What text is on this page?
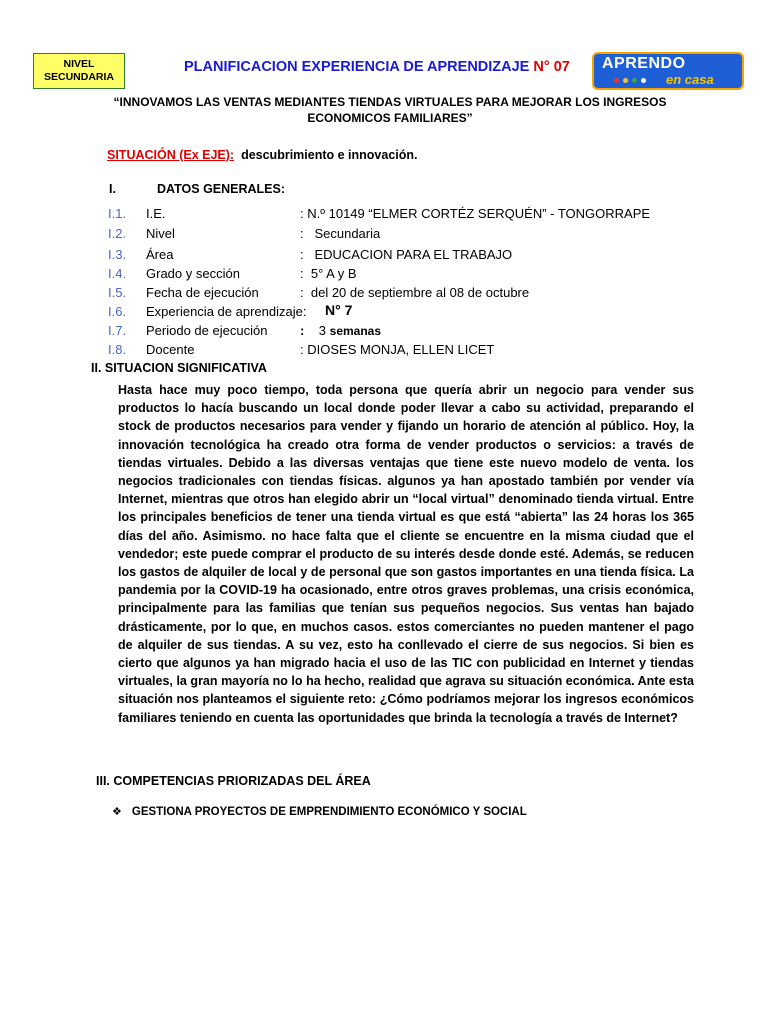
NIVEL
SECUNDARIA
PLANIFICACION EXPERIENCIA DE APRENDIZAJE N° 07 APRENDO
en casa
“INNOVAMOS LAS VENTAS MEDIANTES TIENDAS VIRTUALES PARA MEJORAR LOS INGRESOS
ECONOMICOS FAMILIARES”
SITUACIÓN (Ex EJE): descubrimiento e innovación.
I.	DATOS GENERALES:
I.1. I.E.	: N.º 10149 “ELMER CORTÉZ SERQUÉN” - TONGORRAPE
I.2. Nivel	: Secundaria
I.3. Área	: EDUCACION PARA EL TRABAJO
I.4. Grado y sección	: 5° A y B
I.5. Fecha de ejecución	: del 20 de septiembre al 08 de octubre
I.6. Experiencia de aprendizaje: N° 7
I.7. Periodo de ejecución	: 3 semanas
I.8. Docente	: DIOSES MONJA, ELLEN LICET
II. SITUACION SIGNIFICATIVA
Hasta hace muy poco tiempo, toda persona que quería abrir un negocio para vender sus productos lo hacía buscando un local donde poder llevar a cabo su actividad, preparando el stock de productos necesarios para vender y fijando un horario de atención al público. Hoy, la innovación tecnológica ha creado otra forma de vender productos o servicios: a través de tiendas virtuales. Debido a las diversas ventajas que tiene este nuevo modelo de venta. los negocios tradicionales con tiendas físicas. algunos ya han apostado también por vender vía Internet, mientras que otros han elegido abrir un “local virtual” denominado tienda virtual. Entre los principales beneficios de tener una tienda virtual es que está “abierta” las 24 horas los 365 días del año. Asimismo. no hace falta que el cliente se encuentre en la misma ciudad que el vendedor; este puede comprar el producto de su interés desde donde esté. Además, se reducen los gastos de alquiler de local y de personal que son gastos importantes en una tienda física. La pandemia por la COVID-19 ha ocasionado, entre otros graves problemas, una crisis económica, principalmente para las familias que tenían sus pequeños negocios. Sus ventas han bajado drásticamente, por lo que, en muchos casos. estos comerciantes no pueden mantener el pago de alquiler de sus tiendas. A su vez, esto ha conllevado el cierre de sus negocios. Si bien es cierto que algunos ya han migrado hacia el uso de las TIC con publicidad en Internet y tiendas virtuales, la gran mayoría no lo ha hecho, realidad que agrava su situación económica. Ante esta situación nos planteamos el siguiente reto: ¿Cómo podríamos mejorar los ingresos económicos familiares teniendo en cuenta las oportunidades que brinda la tecnología a través de Internet?
III. COMPETENCIAS PRIORIZADAS DEL ÁREA
❖ GESTIONA PROYECTOS DE EMPRENDIMIENTO ECONÓMICO Y SOCIAL
